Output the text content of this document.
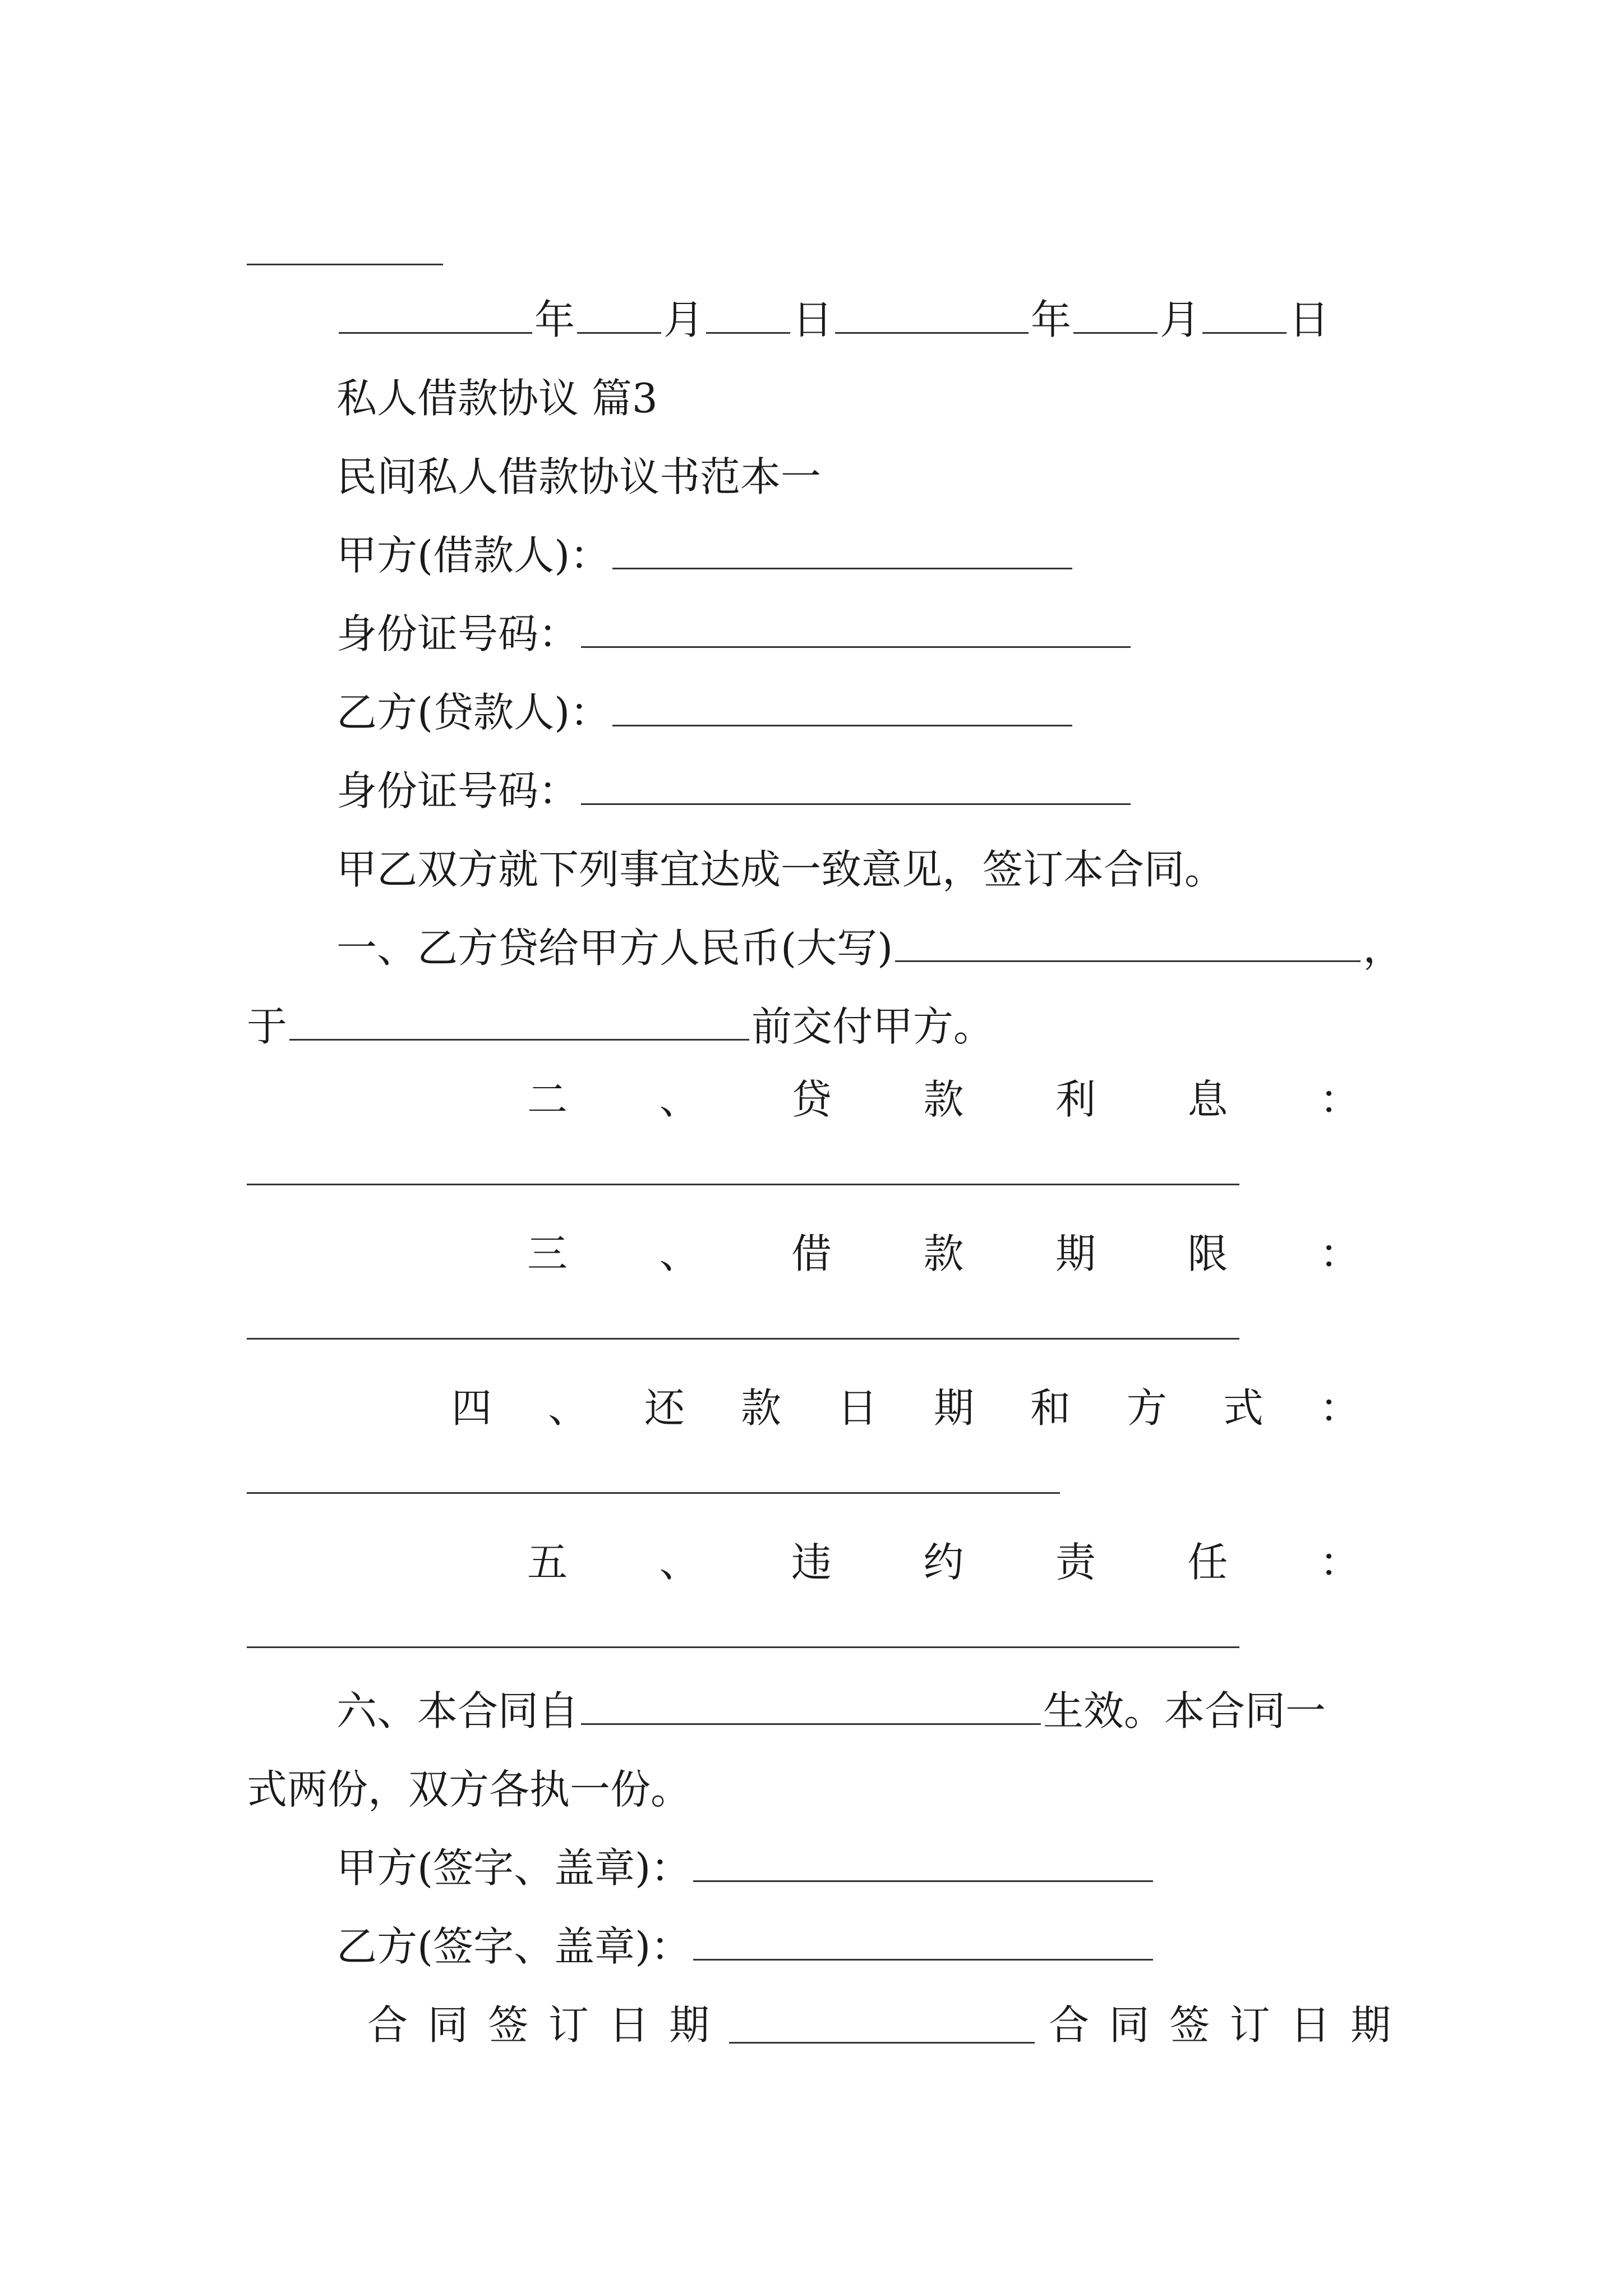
年 月 日	年 月 日
私人借款协议 篇3
民间私人借款协议书范本一
甲方(借款人)：
身份证号码：
乙方(贷款人)：
身份证号码：
甲乙双方就下列事宜达成一致意见，签订本合同。
一、乙方贷给甲方人民币(大写)	，
于	前交付甲方。
二 、 贷 款 利 息 ：
三 、 借 款 期 限 ：
四 、 还 款 日 期 和 方 式 ：
五 、 违 约 责 任 ：
六、本合同自	生效。本合同一
式两份，双方各执一份。
甲方(签字、盖章)：
乙方(签字、盖章)：
合 同 签 订 日 期	合 同 签 订 日 期
